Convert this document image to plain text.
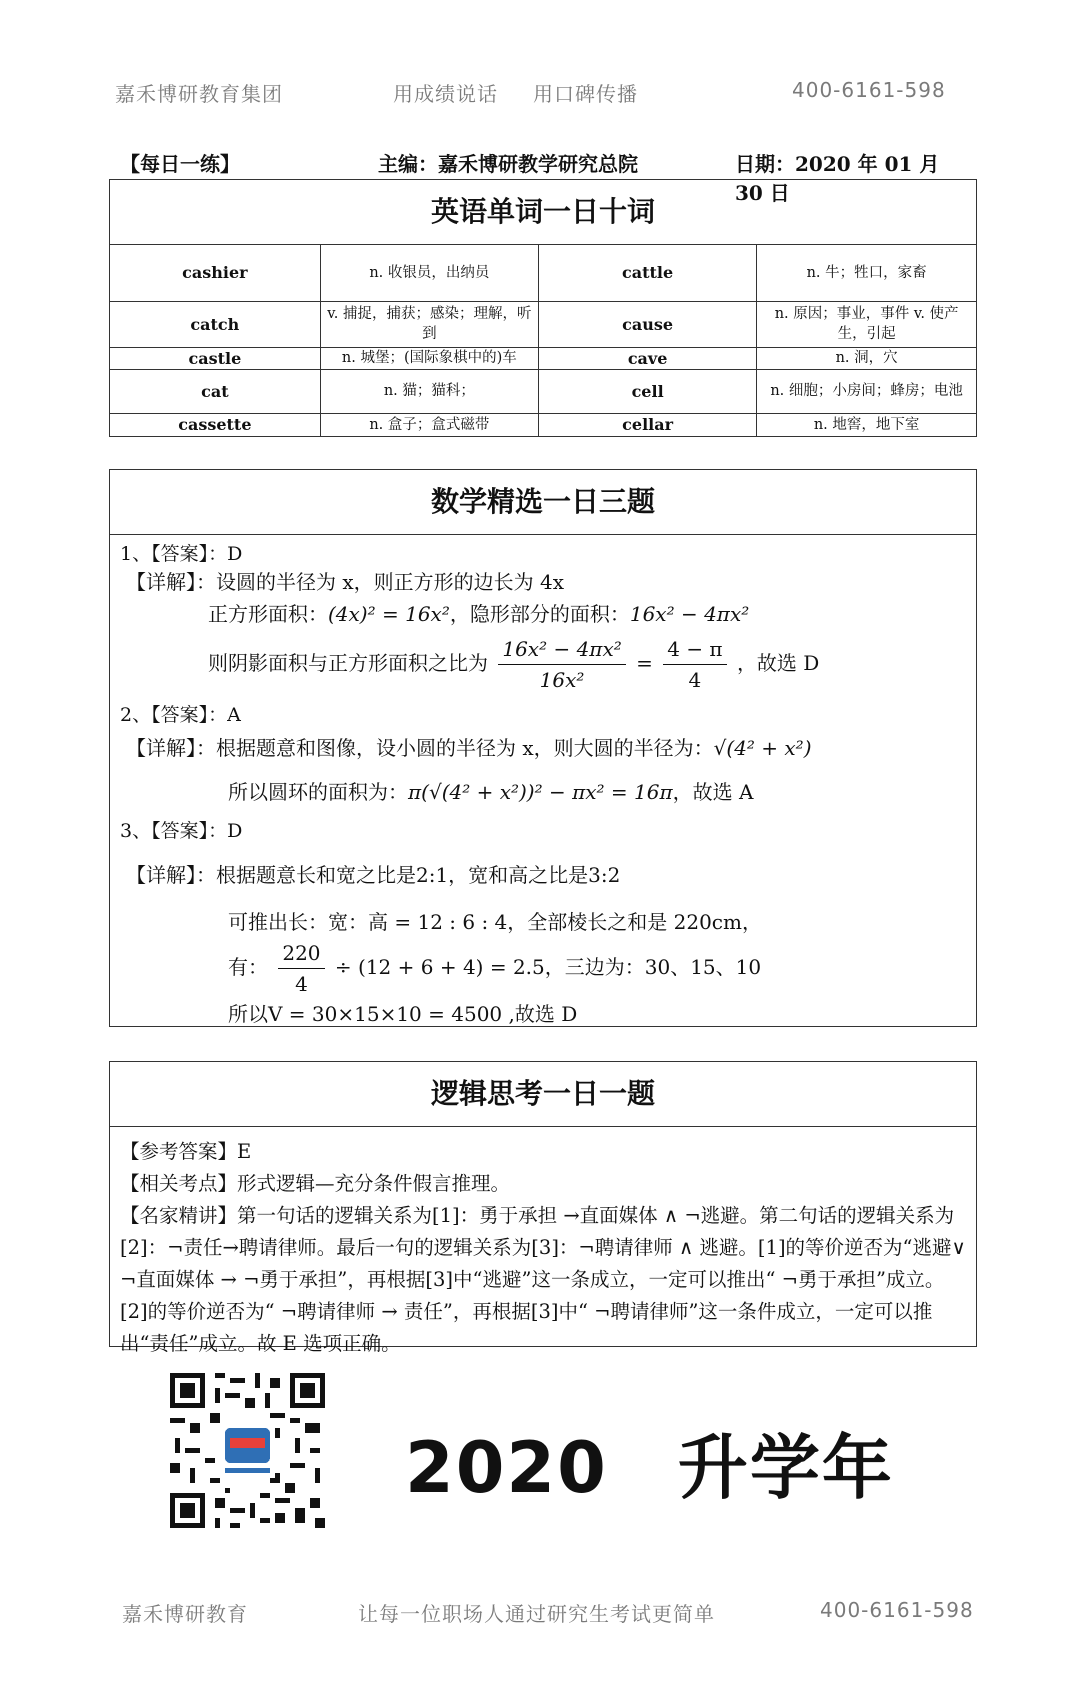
嘉禾博研教育集团	用成绩说话 用口碑传播	400-6161-598
【每日一练】	主编：嘉禾博研教学研究总院	日期：2020 年 01 月 30 日
英语单词一日十词
cashier	n. 收银员，出纳员	cattle	n. 牛；牲口，家畜
catch	v. 捕捉，捕获；感染；理解，听到	cause	n. 原因；事业，事件 v. 使产生，引起
castle	n. 城堡；(国际象棋中的)车	cave	n. 洞，穴
cat	n. 猫；猫科；	cell	n. 细胞；小房间；蜂房；电池
cassette	n. 盒子；盒式磁带	cellar	n. 地窖，地下室
数学精选一日三题
1、【答案】：D
【详解】：设圆的半径为 x，则正方形的边长为 4x
正方形面积：(4x)² = 16x²，隐形部分的面积：16x² − 4πx²
则阴影面积与正方形面积之比为 $\frac{\text{16x² − 4πx²}}{\text{16x²}} = \frac{4 - \pi}{4}$ ，故选 D
2、【答案】：A
【详解】：根据题意和图像，设小圆的半径为 x，则大圆的半径为：√(4² + x²)
所以圆环的面积为：π(√(4² + x²))² − πx² = 16π，故选 A
3、【答案】：D
【详解】：根据题意长和宽之比是2:1，宽和高之比是3:2
可推出长：宽：高 = 12 : 6 : 4，全部棱长之和是 220cm，
有： $\frac{220}{4} \div (12 + 6 + 4) = 2.5$，三边为：30、15、10
所以V = 30×15×10 = 4500 ,故选 D
逻辑思考一日一题

【参考答案】E

【相关考点】形式逻辑—充分条件假言推理。

【名家精讲】第一句话的逻辑关系为[1]：勇于承担 →直面媒体 ∧ ¬逃避。第二句话的逻辑关系为[2]：¬责任→聘请律师。最后一句的逻辑关系为[3]：¬聘请律师 ∧ 逃避。[1]的等价逆否为“逃避∨ ¬直面媒体 → ¬勇于承担”，再根据[3]中“逃避”这一条成立，一定可以推出“ ¬勇于承担”成立。[2]的等价逆否为“ ¬聘请律师 → 责任”，再根据[3]中“ ¬聘请律师”这一条件成立，一定可以推出“责任”成立。故 E 选项正确。

2020 升学年
嘉禾博研教育	让每一位职场人通过研究生考试更简单	400-6161-598
